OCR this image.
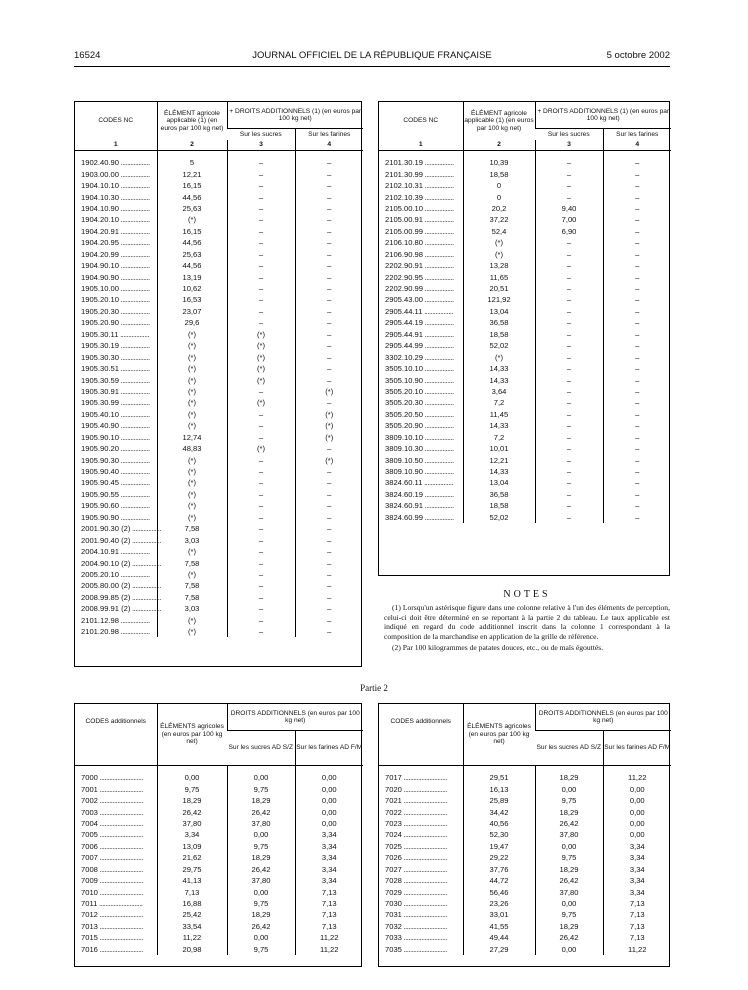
16524	JOURNAL OFFICIEL DE LA RÉPUBLIQUE FRANÇAISE	5 octobre 2002
CODES NC	ÉLÉMENT agricole applicable (1) (en euros par 100 kg net)	+ DROITS ADDITIONNELS (1) (en euros par 100 kg net)	
		Sur les sucres	Sur les farines
1	2	3	4

1902.40.90 ..................	5	–	–
1903.00.00 ..................	12,21	–	–
1904.10.10 ..................	16,15	–	–
1904.10.30 ..................	44,56	–	–
1904.10.90 ..................	25,63	–	–
1904.20.10 ..................	(*)	–	–
1904.20.91 ..................	16,15	–	–
1904.20.95 ..................	44,56	–	–
1904.20.99 ..................	25,63	–	–
1904.90.10 ..................	44,56	–	–
1904.90.90 ..................	13,19	–	–
1905.10.00 ..................	10,62	–	–
1905.20.10 ..................	16,53	–	–
1905.20.30 ..................	23,07	–	–
1905.20.90 ..................	29,6	–	–
1905.30.11 ..................	(*)	(*)	–
1905.30.19 ..................	(*)	(*)	–
1905.30.30 ..................	(*)	(*)	–
1905.30.51 ..................	(*)	(*)	–
1905.30.59 ..................	(*)	(*)	–
1905.30.91 ..................	(*)	–	(*)
1905.30.99 ..................	(*)	(*)	–
1905.40.10 ..................	(*)	–	(*)
1905.40.90 ..................	(*)	–	(*)
1905.90.10 ..................	12,74	–	(*)
1905.90.20 ..................	48,83	(*)	–
1905.90.30 ..................	(*)	–	(*)
1905.90.40 ..................	(*)	–	–
1905.90.45 ..................	(*)	–	–
1905.90.55 ..................	(*)	–	–
1905.90.60 ..................	(*)	–	–
1905.90.90 ..................	(*)	–	–
2001.90.30 (2) ..................	7,58	–	–
2001.90.40 (2) ..................	3,03	–	–
2004.10.91 ..................	(*)	–	–
2004.90.10 (2) ..................	7,58	–	–
2005.20.10 ..................	(*)	–	–
2005.80.00 (2) ..................	7,58	–	–
2008.99.85 (2) ..................	7,58	–	–
2008.99.91 (2) ..................	3,03	–	–
2101.12.98 ..................	(*)	–	–
2101.20.98 ..................	(*)	–	–
CODES NC	ÉLÉMENT agricole applicable (1) (en euros par 100 kg net)	+ DROITS ADDITIONNELS (1) (en euros par 100 kg net)	
		Sur les sucres	Sur les farines
1	2	3	4

2101.30.19 ..................	10,39	–	–
2101.30.99 ..................	18,58	–	–
2102.10.31 ..................	0	–	–
2102.10.39 ..................	0	–	–
2105.00.10 ..................	20,2	9,40	–
2105.00.91 ..................	37,22	7,00	–
2105.00.99 ..................	52,4	6,90	–
2106.10.80 ..................	(*)	–	–
2106.90.98 ..................	(*)	–	–
2202.90.91 ..................	13,28	–	–
2202.90.95 ..................	11,65	–	–
2202.90.99 ..................	20,51	–	–
2905.43.00 ..................	121,92	–	–
2905.44.11 ..................	13,04	–	–
2905.44.19 ..................	36,58	–	–
2905.44.91 ..................	18,58	–	–
2905.44.99 ..................	52,02	–	–
3302.10.29 ..................	(*)	–	–
3505.10.10 ..................	14,33	–	–
3505.10.90 ..................	14,33	–	–
3505.20.10 ..................	3,64	–	–
3505.20.30 ..................	7,2	–	–
3505.20.50 ..................	11,45	–	–
3505.20.90 ..................	14,33	–	–
3809.10.10 ..................	7,2	–	–
3809.10.30 ..................	10,01	–	–
3809.10.50 ..................	12,21	–	–
3809.10.90 ..................	14,33	–	–
3824.60.11 ..................	13,04	–	–
3824.60.19 ..................	36,58	–	–
3824.60.91 ..................	18,58	–	–
3824.60.99 ..................	52,02	–	–
NOTES

(1) Lorsqu'un astérisque figure dans une colonne relative à l'un des éléments de perception, celui-ci doit être déterminé en se reportant à la partie 2 du tableau. Le taux applicable est indiqué en regard du code additionnel inscrit dans la colonne 1 correspondant à la composition de la marchandise en application de la grille de référence.

(2) Par 100 kilogrammes de patates douces, etc., ou de maïs égouttés.

Partie 2
CODES additionnels	ÉLÉMENTS agricoles (en euros par 100 kg net)	DROITS ADDITIONNELS (en euros par 100 kg net)	
		Sur les sucres AD S/Z	Sur les farines AD F/M

7000 ...........................	0,00	0,00	0,00
7001 ...........................	9,75	9,75	0,00
7002 ...........................	18,29	18,29	0,00
7003 ...........................	26,42	26,42	0,00
7004 ...........................	37,80	37,80	0,00
7005 ...........................	3,34	0,00	3,34
7006 ...........................	13,09	9,75	3,34
7007 ...........................	21,62	18,29	3,34
7008 ...........................	29,75	26,42	3,34
7009 ...........................	41,13	37,80	3,34
7010 ...........................	7,13	0,00	7,13
7011 ...........................	16,88	9,75	7,13
7012 ...........................	25,42	18,29	7,13
7013 ...........................	33,54	26,42	7,13
7015 ...........................	11,22	0,00	11,22
7016 ...........................	20,98	9,75	11,22
CODES additionnels	ÉLÉMENTS agricoles (en euros par 100 kg net)	DROITS ADDITIONNELS (en euros par 100 kg net)	
		Sur les sucres AD S/Z	Sur les farines AD F/M

7017 ...........................	29,51	18,29	11,22
7020 ...........................	16,13	0,00	0,00
7021 ...........................	25,89	9,75	0,00
7022 ...........................	34,42	18,29	0,00
7023 ...........................	40,56	26,42	0,00
7024 ...........................	52,30	37,80	0,00
7025 ...........................	19,47	0,00	3,34
7026 ...........................	29,22	9,75	3,34
7027 ...........................	37,76	18,29	3,34
7028 ...........................	44,72	26,42	3,34
7029 ...........................	56,46	37,80	3,34
7030 ...........................	23,26	0,00	7,13
7031 ...........................	33,01	9,75	7,13
7032 ...........................	41,55	18,29	7,13
7033 ...........................	49,44	26,42	7,13
7035 ...........................	27,29	0,00	11,22
